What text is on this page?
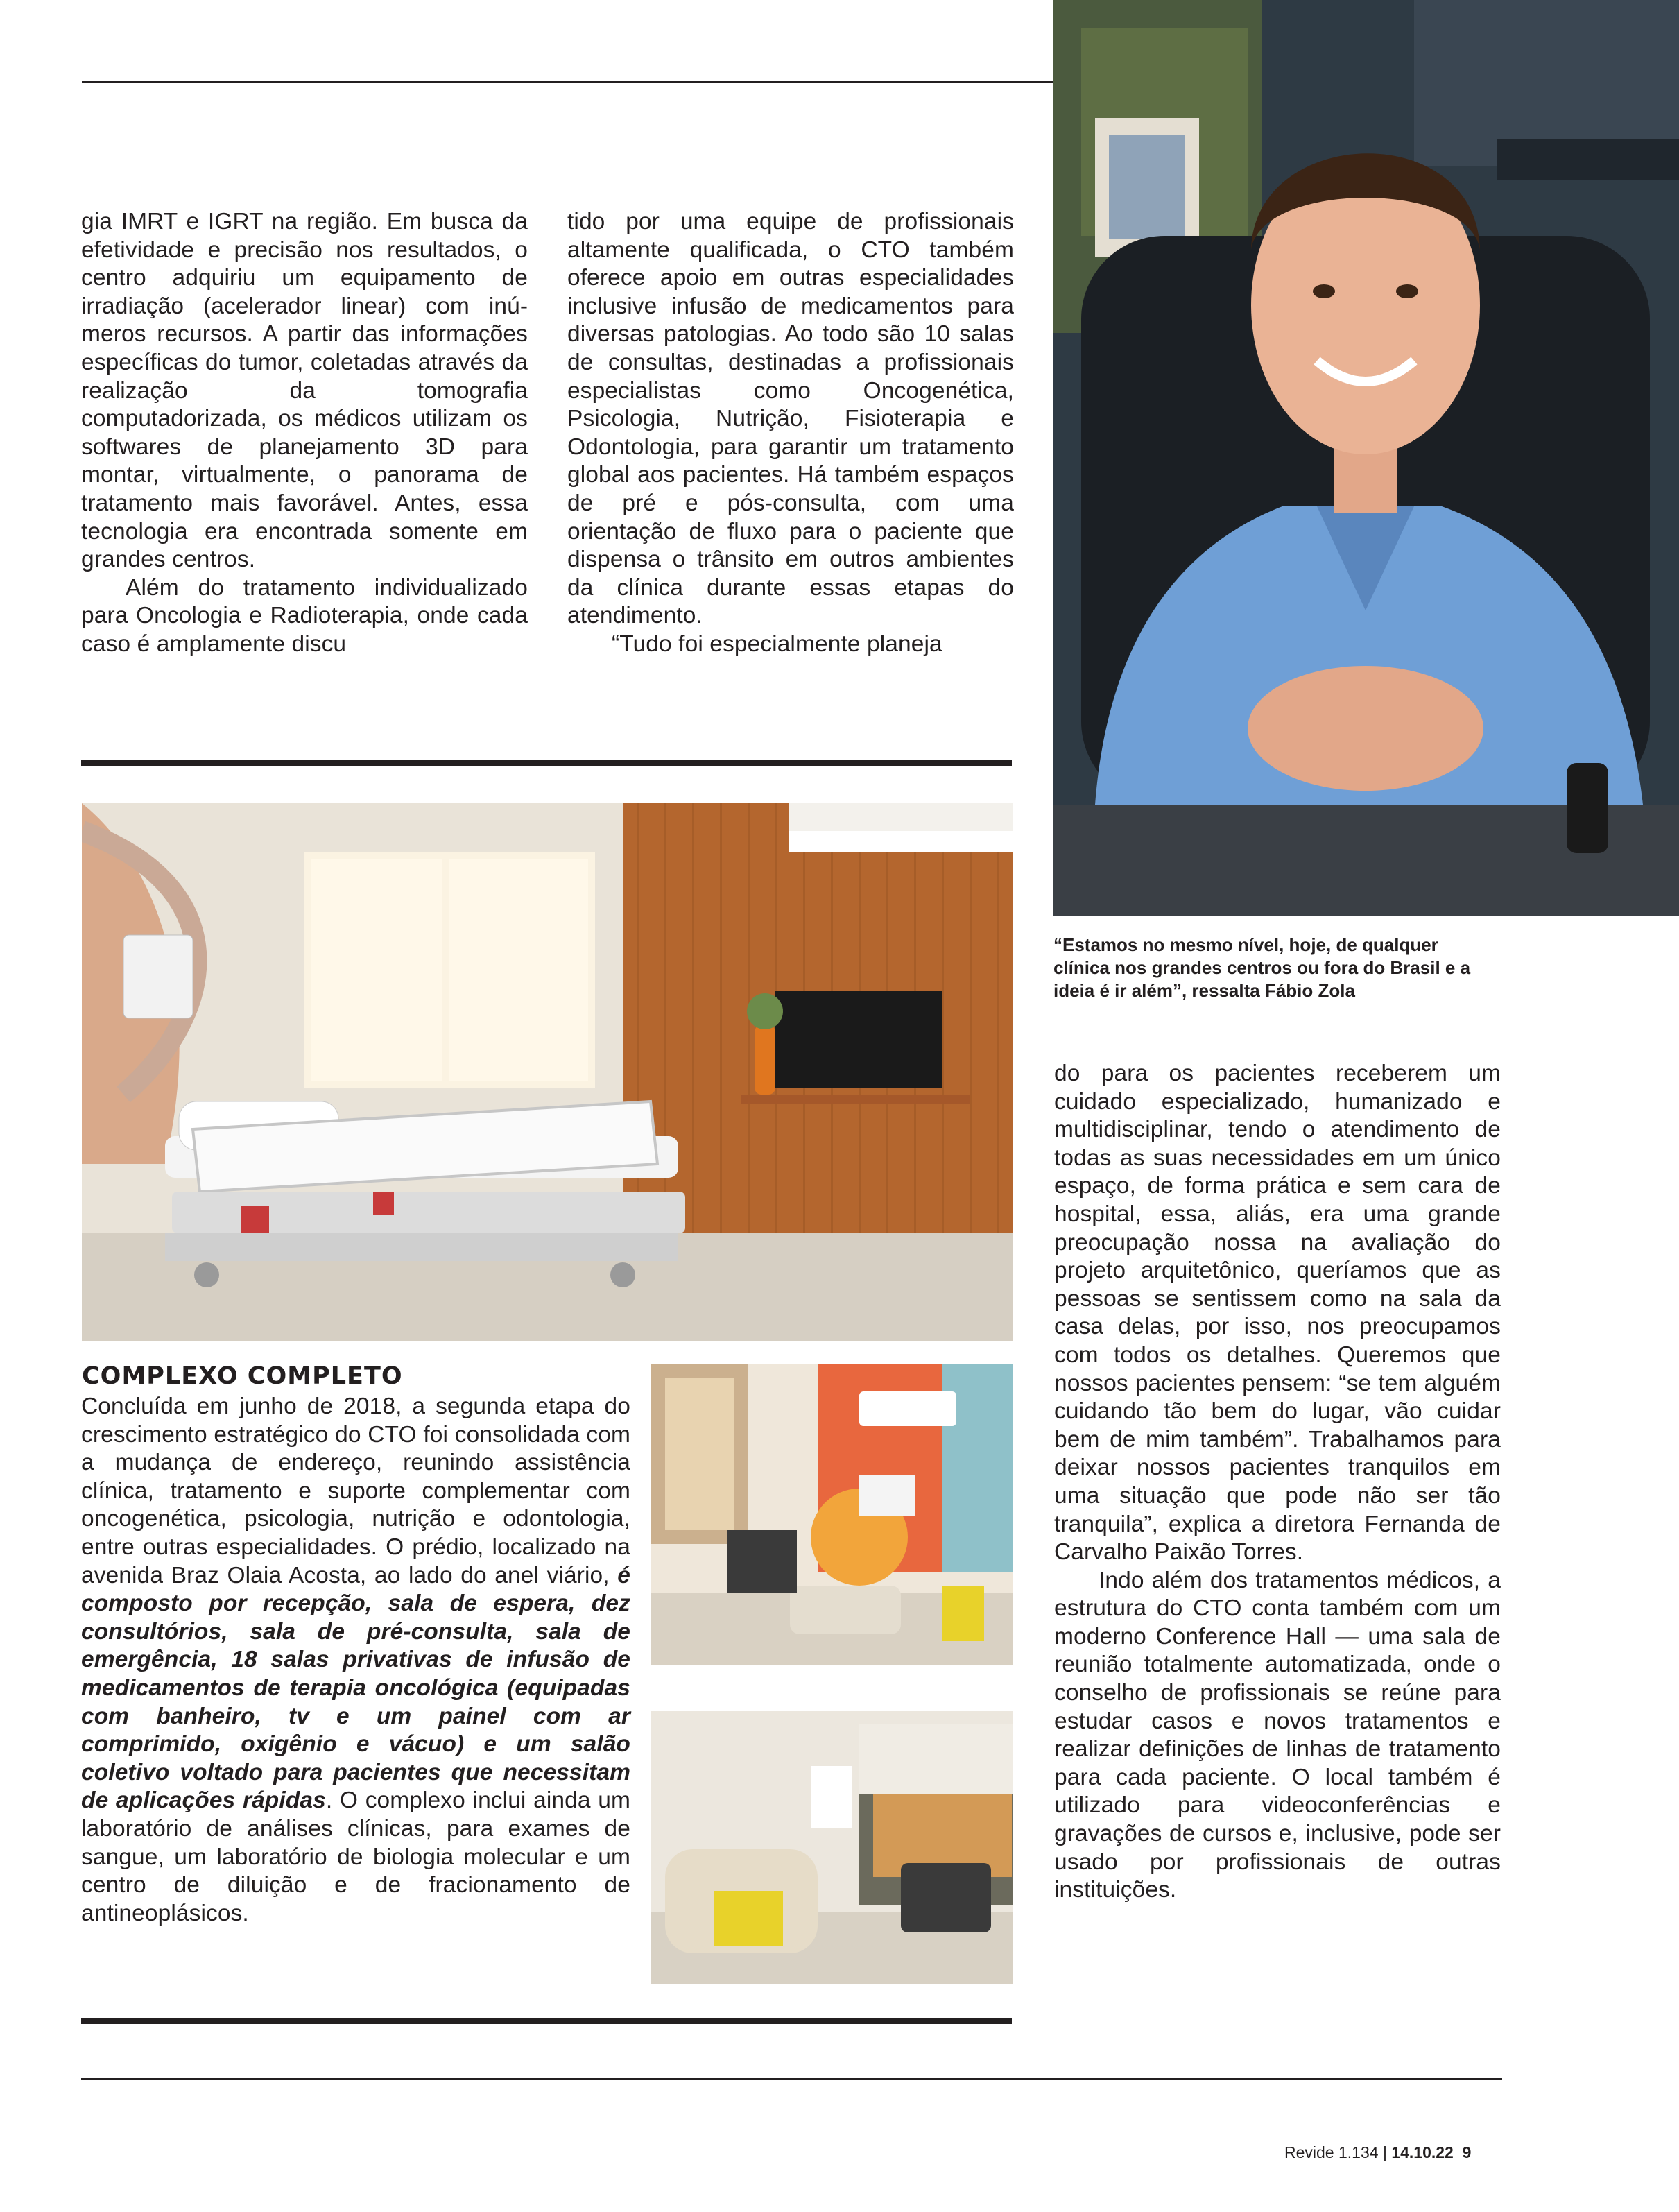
gia IMRT e IGRT na região. Em busca da efetividade e precisão nos resultados, o centro adquiriu um equipamento de irradiação (acelerador linear) com inúmeros recursos. A partir das informações específicas do tumor, coletadas através da realização da tomografia computadorizada, os médicos utilizam os softwares de planejamento 3D para montar, virtualmente, o panorama de tratamento mais favorável. Antes, essa tecnologia era encontrada somente em grandes centros.

Além do tratamento individualizado para Oncologia e Radioterapia, onde cada caso é amplamente discu

tido por uma equipe de profissionais altamente qualificada, o CTO também oferece apoio em outras especialidades inclusive infusão de medicamentos para diversas patologias. Ao todo são 10 salas de consultas, destinadas a profissionais especialistas como Oncogenética, Psicologia, Nutrição, Fisioterapia e Odontologia, para garantir um tratamento global aos pacientes. Há também espaços de pré e pós-consulta, com uma orientação de fluxo para o paciente que dispensa o trânsito em outros ambientes da clínica durante essas etapas do atendimento.

“Tudo foi especialmente planeja

“Estamos no mesmo nível, hoje, de qualquer clínica nos grandes centros ou fora do Brasil e a ideia é ir além”, ressalta Fábio Zola

do para os pacientes receberem um cuidado especializado, humanizado e multidisciplinar, tendo o atendimento de todas as suas necessidades em um único espaço, de forma prática e sem cara de hospital, essa, aliás, era uma grande preocupação nossa na avaliação do projeto arquitetônico, queríamos que as pessoas se sentissem como na sala da casa delas, por isso, nos preocupamos com todos os detalhes. Queremos que nossos pacientes pensem: “se tem alguém cuidando tão bem do lugar, vão cuidar bem de mim também”. Trabalhamos para deixar nossos pacientes tranquilos em uma situação que pode não ser tão tranquila”, explica a diretora Fernanda de Carvalho Paixão Torres.

Indo além dos tratamentos médicos, a estrutura do CTO conta também com um moderno Conference Hall — uma sala de reunião totalmente automatizada, onde o conselho de profissionais se reúne para estudar casos e novos tratamentos e realizar definições de linhas de tratamento para cada paciente. O local também é utilizado para videoconferências e gravações de cursos e, inclusive, pode ser usado por profissionais de outras instituições.

COMPLEXO COMPLETO

Concluída em junho de 2018, a segunda etapa do crescimento estratégico do CTO foi consolidada com a mudança de endereço, reunindo assistência clínica, tratamento e suporte complementar com oncogenética, psicologia, nutrição e odontologia, entre outras especialidades. O prédio, localizado na avenida Braz Olaia Acosta, ao lado do anel viário, é composto por recepção, sala de espera, dez consultórios, sala de pré-consulta, sala de emergência, 18 salas privativas de infusão de medicamentos de terapia oncológica (equipadas com banheiro, tv e um painel com ar comprimido, oxigênio e vácuo) e um salão coletivo voltado para pacientes que necessitam de aplicações rápidas. O complexo inclui ainda um laboratório de análises clínicas, para exames de sangue, um laboratório de biologia molecular e um centro de diluição e de fracionamento de antineoplásicos.

Revide 1.134 | 14.10.22 9
